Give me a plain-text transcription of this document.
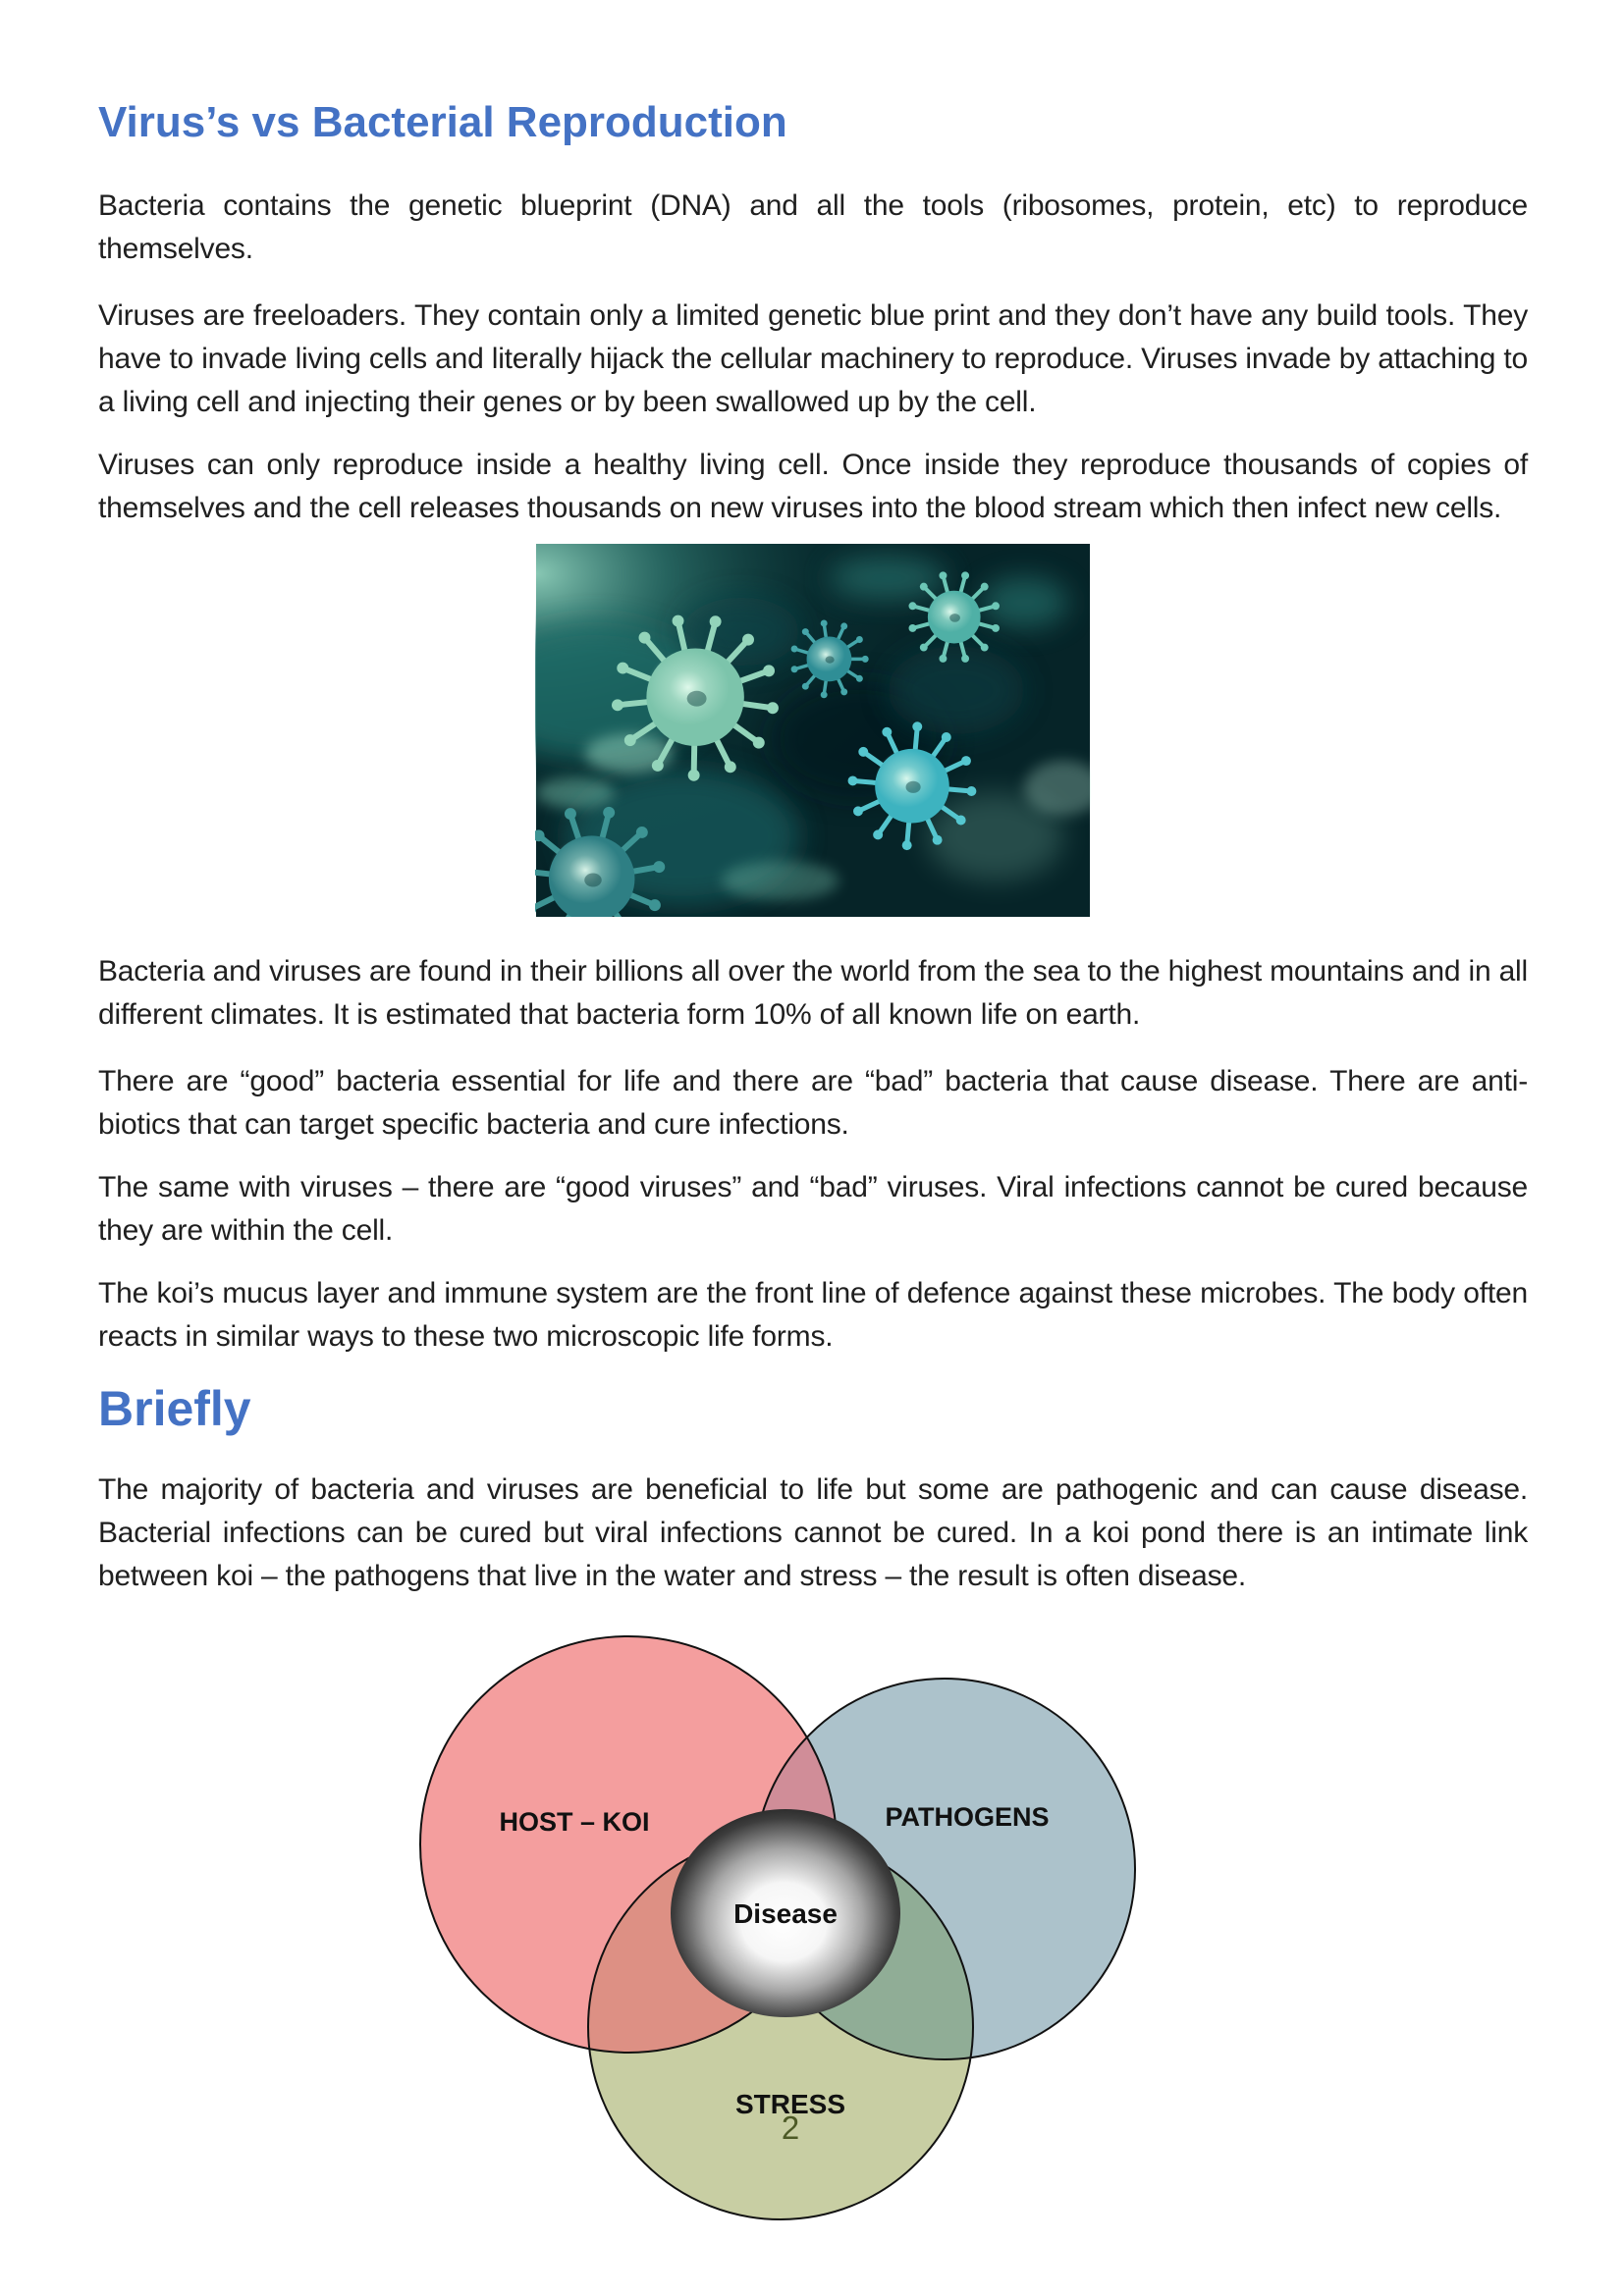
Virus’s vs Bacterial Reproduction

Bacteria contains the genetic blueprint (DNA) and all the tools (ribosomes, protein, etc) to reproduce themselves.

Viruses are freeloaders. They contain only a limited genetic blue print and they don’t have any build tools. They have to invade living cells and literally hijack the cellular machinery to reproduce. Viruses invade by attaching to a living cell and injecting their genes or by been swallowed up by the cell.

Viruses can only reproduce inside a healthy living cell. Once inside they reproduce thousands of copies of themselves and the cell releases thousands on new viruses into the blood stream which then infect new cells.

Bacteria and viruses are found in their billions all over the world from the sea to the highest mountains and in all different climates. It is estimated that bacteria form 10% of all known life on earth.

There are “good” bacteria essential for life and there are “bad” bacteria that cause disease. There are anti-biotics that can target specific bacteria and cure infections.

The same with viruses – there are “good viruses” and “bad” viruses. Viral infections cannot be cured because they are within the cell.

The koi’s mucus layer and immune system are the front line of defence against these microbes. The body often reacts in similar ways to these two microscopic life forms.

Briefly

The majority of bacteria and viruses are beneficial to life but some are pathogenic and can cause disease. Bacterial infections can be cured but viral infections cannot be cured. In a koi pond there is an intimate link between koi – the pathogens that live in the water and stress – the result is often disease.

HOST – KOI	PATHOGENS
STRESS
Disease
2
